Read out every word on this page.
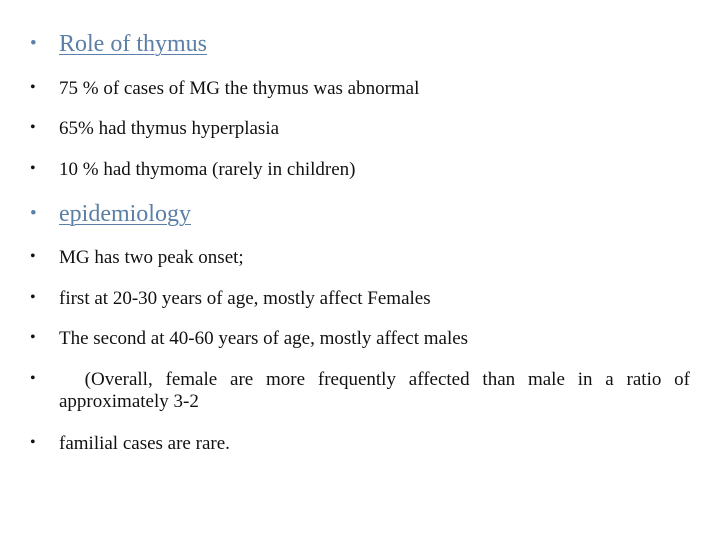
• Role of thymus
•	75 % of cases of MG the thymus was abnormal
•	65% had thymus hyperplasia
•	10 % had thymoma (rarely in children)
• epidemiology
•	MG has two peak onset;
•	first at 20-30 years of age, mostly affect Females
•	The second at 40-60 years of age, mostly affect males
•	(Overall, female are more frequently affected than male in a ratio of approximately 3-2
•	familial cases are rare.
